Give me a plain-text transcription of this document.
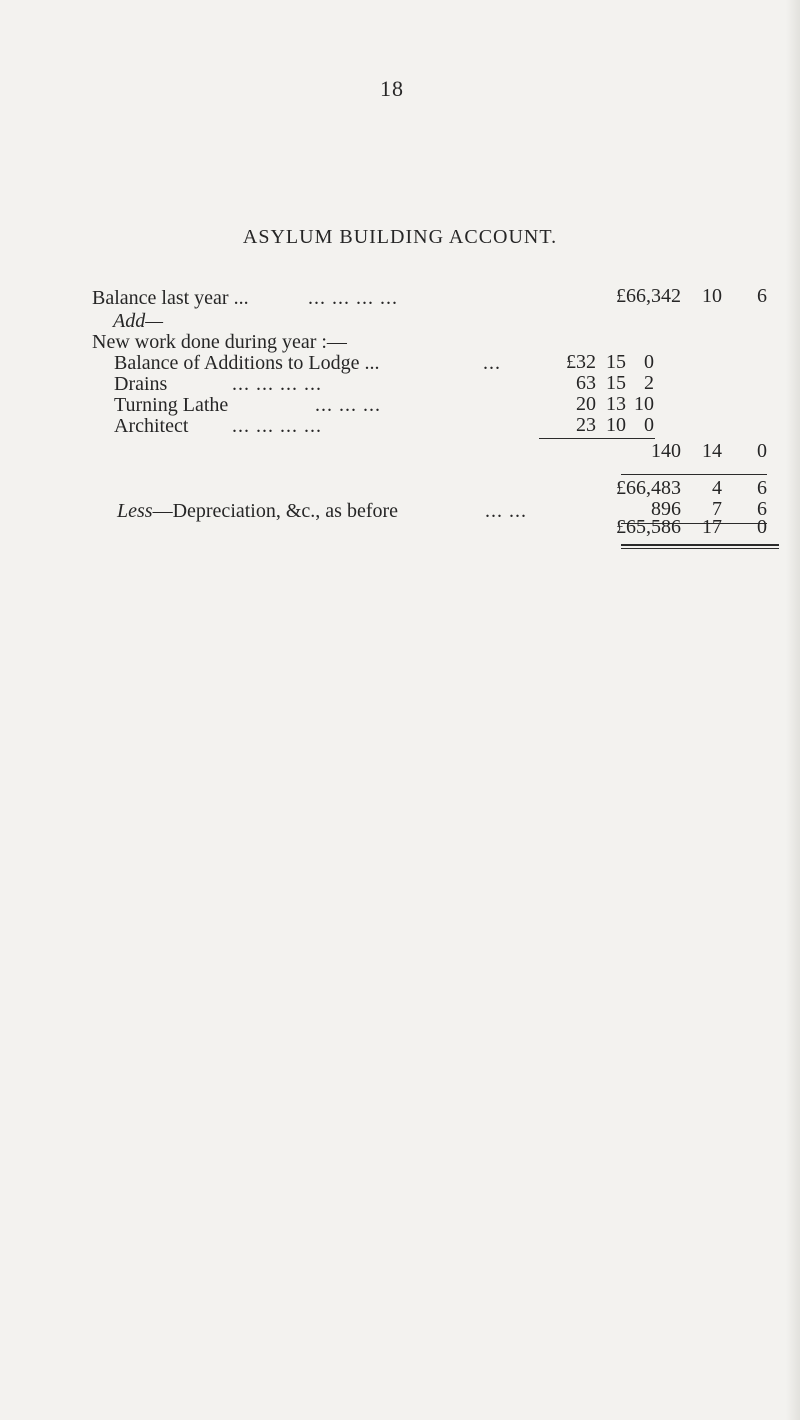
18
ASYLUM BUILDING ACCOUNT.
Balance last year ...	... ... ... ...	£66,342	10	6
Add—
New work done during year :—
Balance of Additions to Lodge ...	...	£32 15 0
Drains	... ... ... ...	63 15 2
Turning Lathe	... ... ...	20 13 10
Architect ... ... ... ...	23 10 0
140	14	0
£66,483	4	6
Less—Depreciation, &c., as before	... ...	896	7	6
£65,586	17	0
